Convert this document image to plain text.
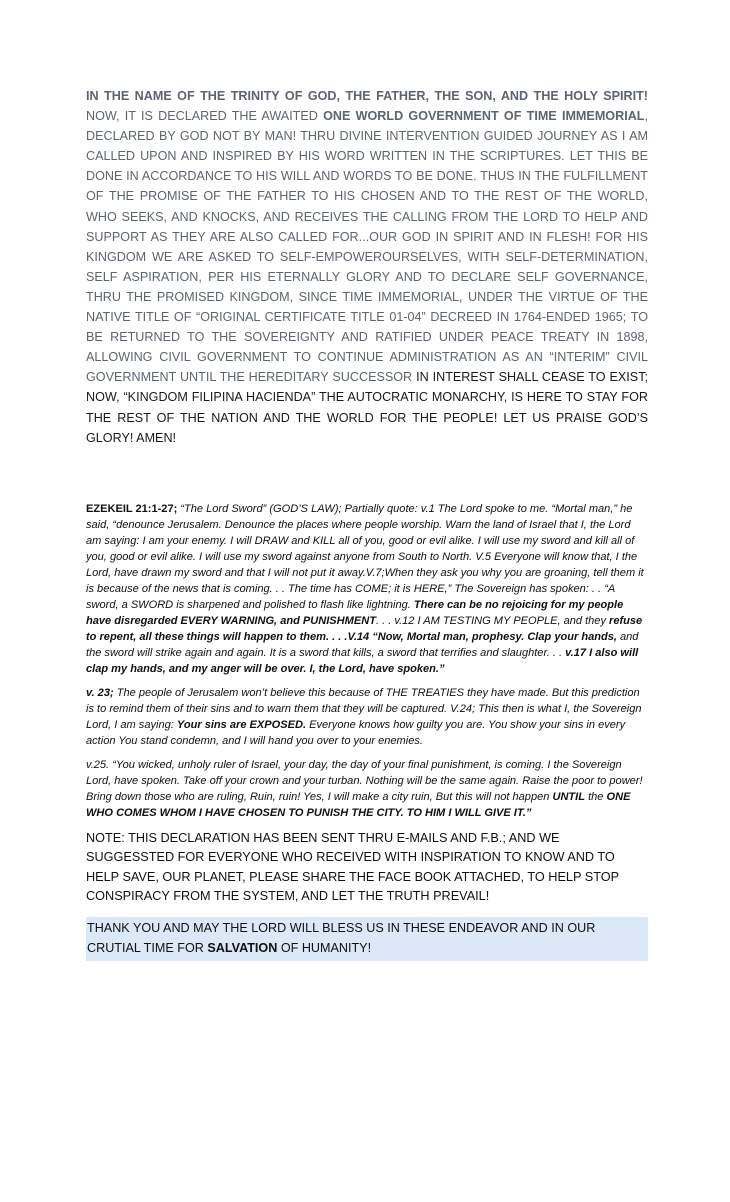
IN THE NAME OF THE TRINITY OF GOD, THE FATHER, THE SON, AND THE HOLY SPIRIT! NOW, IT IS DECLARED THE AWAITED ONE WORLD GOVERNMENT OF TIME IMMEMORIAL, DECLARED BY GOD NOT BY MAN! THRU DIVINE INTERVENTION GUIDED JOURNEY AS I AM CALLED UPON AND INSPIRED BY HIS WORD WRITTEN IN THE SCRIPTURES. LET THIS BE DONE IN ACCORDANCE TO HIS WILL AND WORDS TO BE DONE. THUS IN THE FULFILLMENT OF THE PROMISE OF THE FATHER TO HIS CHOSEN AND TO THE REST OF THE WORLD, WHO SEEKS, AND KNOCKS, AND RECEIVES THE CALLING FROM THE LORD TO HELP AND SUPPORT AS THEY ARE ALSO CALLED FOR...OUR GOD IN SPIRIT AND IN FLESH! FOR HIS KINGDOM WE ARE ASKED TO SELF-EMPOWEROURSELVES, WITH SELF-DETERMINATION, SELF ASPIRATION, PER HIS ETERNALLY GLORY AND TO DECLARE SELF GOVERNANCE, THRU THE PROMISED KINGDOM, SINCE TIME IMMEMORIAL, UNDER THE VIRTUE OF THE NATIVE TITLE OF “ORIGINAL CERTIFICATE TITLE 01-04” DECREED IN 1764-ENDED 1965; TO BE RETURNED TO THE SOVEREIGNTY AND RATIFIED UNDER PEACE TREATY IN 1898, ALLOWING CIVIL GOVERNMENT TO CONTINUE ADMINISTRATION AS AN “INTERIM” CIVIL GOVERNMENT UNTIL THE HEREDITARY SUCCESSOR IN INTEREST SHALL CEASE TO EXIST; NOW, “KINGDOM FILIPINA HACIENDA” THE AUTOCRATIC MONARCHY, IS HERE TO STAY FOR THE REST OF THE NATION AND THE WORLD FOR THE PEOPLE! LET US PRAISE GOD’S GLORY! AMEN!

EZEKEIL 21:1-27; “The Lord Sword” (GOD’S LAW); Partially quote: v.1 The Lord spoke to me. “Mortal man,” he said, “denounce Jerusalem. Denounce the places where people worship. Warn the land of Israel that I, the Lord am saying: I am your enemy. I will DRAW and KILL all of you, good or evil alike. I will use my sword and kill all of you, good or evil alike. I will use my sword against anyone from South to North. V.5 Everyone will know that, I the Lord, have drawn my sword and that I will not put it away.V.7;When they ask you why you are groaning, tell them it is because of the news that is coming. . . The time has COME; it is HERE,” The Sovereign has spoken: . . “A sword, a SWORD is sharpened and polished to flash like lightning. There can be no rejoicing for my people have disregarded EVERY WARNING, and PUNISHMENT. . . v.12 I AM TESTING MY PEOPLE, and they refuse to repent, all these things will happen to them. . . .V.14 “Now, Mortal man, prophesy. Clap your hands, and the sword will strike again and again. It is a sword that kills, a sword that terrifies and slaughter. . . v.17 I also will clap my hands, and my anger will be over. I, the Lord, have spoken.”

v. 23; The people of Jerusalem won’t believe this because of THE TREATIES they have made. But this prediction is to remind them of their sins and to warn them that they will be captured. V.24; This then is what I, the Sovereign Lord, I am saying: Your sins are EXPOSED. Everyone knows how guilty you are. You show your sins in every action You stand condemn, and I will hand you over to your enemies.

v.25. “You wicked, unholy ruler of Israel, your day, the day of your final punishment, is coming. I the Sovereign Lord, have spoken. Take off your crown and your turban. Nothing will be the same again. Raise the poor to power! Bring down those who are ruling, Ruin, ruin! Yes, I will make a city ruin, But this will not happen UNTIL the ONE WHO COMES WHOM I HAVE CHOSEN TO PUNISH THE CITY. TO HIM I WILL GIVE IT.”

NOTE: THIS DECLARATION HAS BEEN SENT THRU E-MAILS AND F.B.; AND WE SUGGESSTED FOR EVERYONE WHO RECEIVED WITH INSPIRATION TO KNOW AND TO HELP SAVE, OUR PLANET, PLEASE SHARE THE FACE BOOK ATTACHED, TO HELP STOP CONSPIRACY FROM THE SYSTEM, AND LET THE TRUTH PREVAIL!
THANK YOU AND MAY THE LORD WILL BLESS US IN THESE ENDEAVOR AND IN OUR CRUTIAL TIME FOR SALVATION OF HUMANITY!
